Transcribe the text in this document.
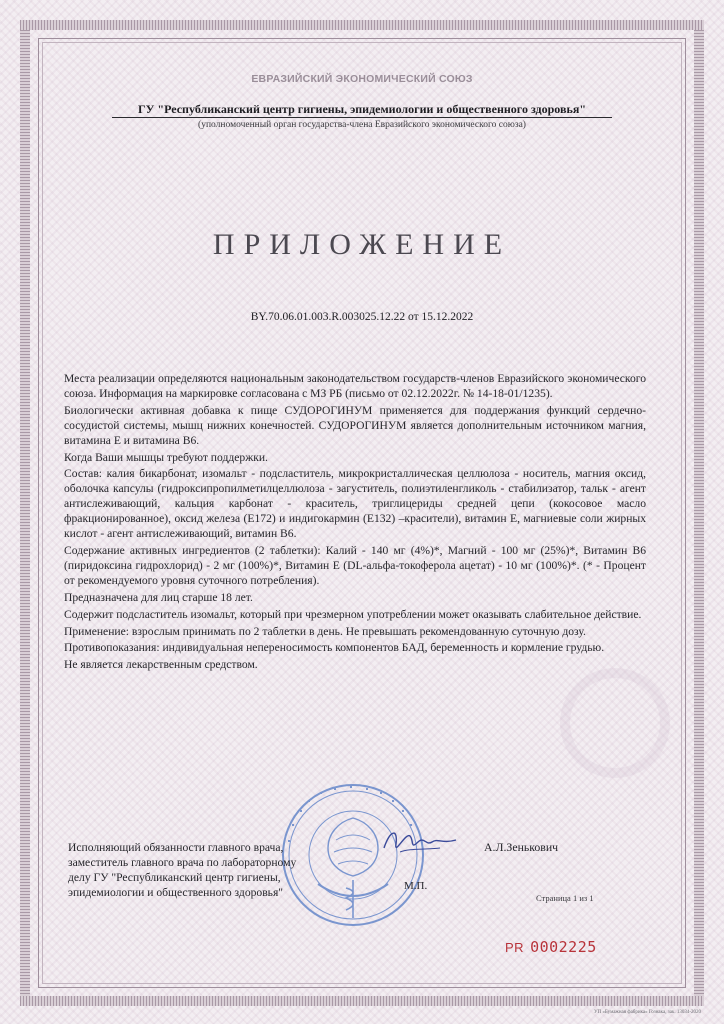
ЕВРАЗИЙСКИЙ ЭКОНОМИЧЕСКИЙ СОЮЗ
ГУ "Республиканский центр гигиены, эпидемиологии и общественного здоровья"
(уполномоченный орган государства-члена Евразийского экономического союза)
ПРИЛОЖЕНИЕ
BY.70.06.01.003.R.003025.12.22 от 15.12.2022

Места реализации определяются национальным законодательством государств-членов Евразийского экономического союза. Информация на маркировке согласована с МЗ РБ (письмо от 02.12.2022г. № 14-18-01/1235).

Биологически активная добавка к пище СУДОРОГИНУМ применяется для поддержания функций сердечно-сосудистой системы, мышц нижних конечностей. СУДОРОГИНУМ является дополнительным источником магния, витамина Е и витамина В6.

Когда Ваши мышцы требуют поддержки.

Состав: калия бикарбонат, изомальт - подсластитель, микрокристаллическая целлюлоза - носитель, магния оксид, оболочка капсулы (гидроксипропилметилцеллюлоза - загуститель, полиэтиленгликоль - стабилизатор, тальк - агент антислеживающий, кальция карбонат - краситель, триглицериды средней цепи (кокосовое масло фракционированное), оксид железа (Е172) и индигокармин (Е132) –красители), витамин Е, магниевые соли жирных кислот - агент антислеживающий, витамин В6.

Содержание активных ингредиентов (2 таблетки): Калий - 140 мг (4%)*, Магний - 100 мг (25%)*, Витамин В6 (пиридоксина гидрохлорид) - 2 мг (100%)*, Витамин Е (DL-альфа-токоферола ацетат) - 10 мг (100%)*. (* - Процент от рекомендуемого уровня суточного потребления).

Предназначена для лиц старше 18 лет.

Содержит подсластитель изомальт, который при чрезмерном употреблении может оказывать слабительное действие.

Применение: взрослым принимать по 2 таблетки в день. Не превышать рекомендованную суточную дозу.

Противопоказания: индивидуальная непереносимость компонентов БАД, беременность и кормление грудью.

Не является лекарственным средством.

Исполняющий обязанности главного врача,
заместитель главного врача по лабораторному
делу ГУ "Республиканский центр гигиены,
эпидемиологии и общественного здоровья"
А.Л.Зенькович
М.П.
Страница 1 из 1
PR 0002225
УП «Бумажная фабрика» Гознака, зак. 13034-2020
